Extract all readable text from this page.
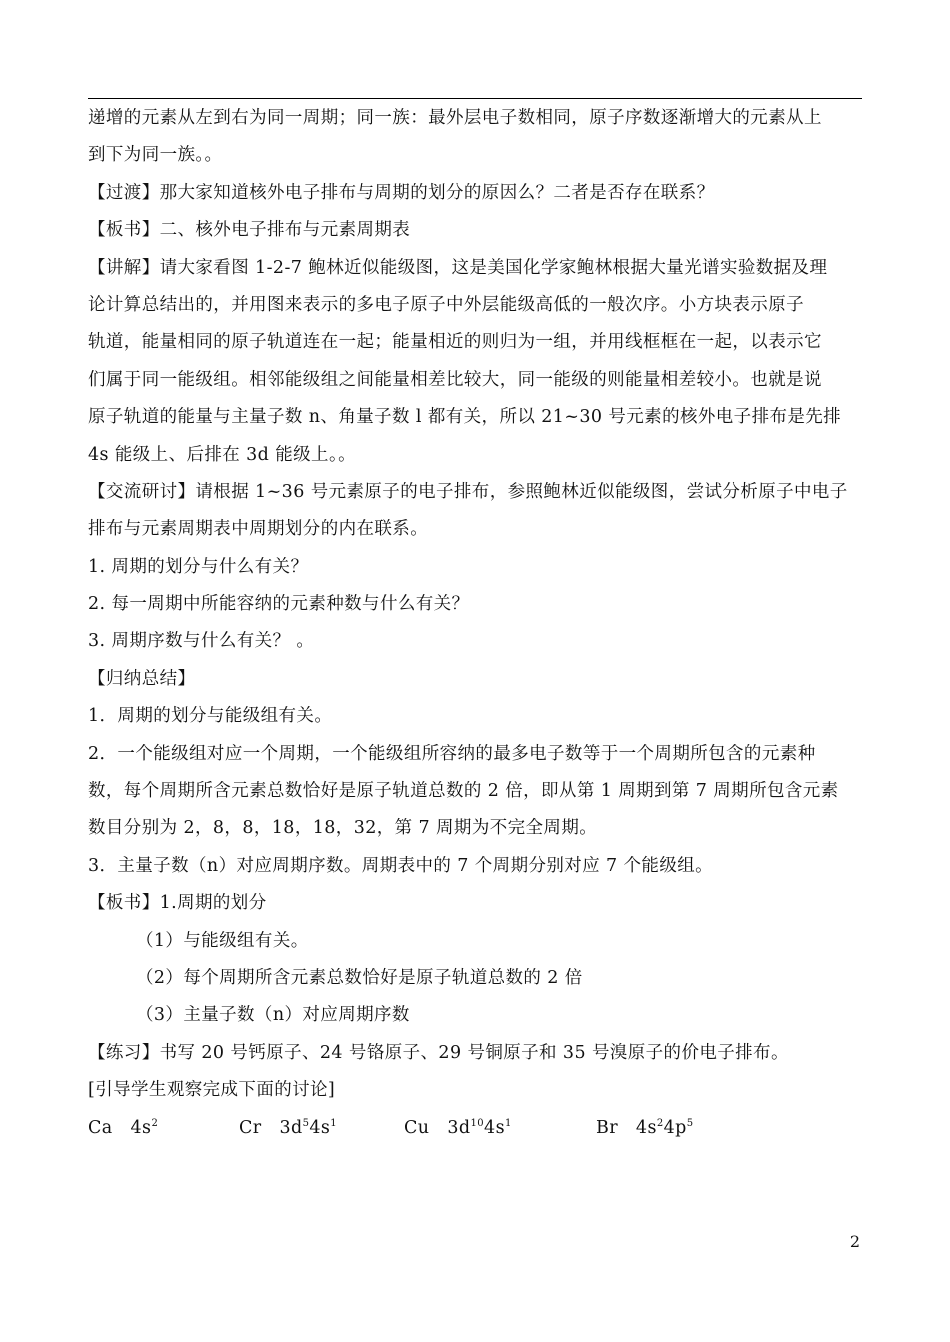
递增的元素从左到右为同一周期；同一族：最外层电子数相同，原子序数逐渐增大的元素从上
到下为同一族。。
【过渡】那大家知道核外电子排布与周期的划分的原因么？二者是否存在联系？
【板书】二、核外电子排布与元素周期表
【讲解】请大家看图 1-2-7 鲍林近似能级图，这是美国化学家鲍林根据大量光谱实验数据及理
论计算总结出的，并用图来表示的多电子原子中外层能级高低的一般次序。小方块表示原子
轨道，能量相同的原子轨道连在一起；能量相近的则归为一组，并用线框框在一起，以表示它
们属于同一能级组。相邻能级组之间能量相差比较大，同一能级的则能量相差较小。也就是说
原子轨道的能量与主量子数 n、角量子数 l 都有关，所以 21~30 号元素的核外电子排布是先排
4s 能级上、后排在 3d 能级上。。
【交流研讨】请根据 1~36 号元素原子的电子排布，参照鲍林近似能级图，尝试分析原子中电子
排布与元素周期表中周期划分的内在联系。
1. 周期的划分与什么有关？
2. 每一周期中所能容纳的元素种数与什么有关？
3. 周期序数与什么有关？ 。
【归纳总结】
1．周期的划分与能级组有关。
2．一个能级组对应一个周期，一个能级组所容纳的最多电子数等于一个周期所包含的元素种
数，每个周期所含元素总数恰好是原子轨道总数的 2 倍，即从第 1 周期到第 7 周期所包含元素
数目分别为 2，8，8，18，18，32，第 7 周期为不完全周期。
3．主量子数（n）对应周期序数。周期表中的 7 个周期分别对应 7 个能级组。
【板书】1.周期的划分
（1）与能级组有关。
（2）每个周期所含元素总数恰好是原子轨道总数的 2 倍
（3）主量子数（n）对应周期序数
【练习】书写 20 号钙原子、24 号铬原子、29 号铜原子和 35 号溴原子的价电子排布。
[引导学生观察完成下面的讨论]
Ca $4s^2$	Cr $3d^54s^1$	Cu $3d^{10}4s^1$	Br $4s^24p^5$
2
